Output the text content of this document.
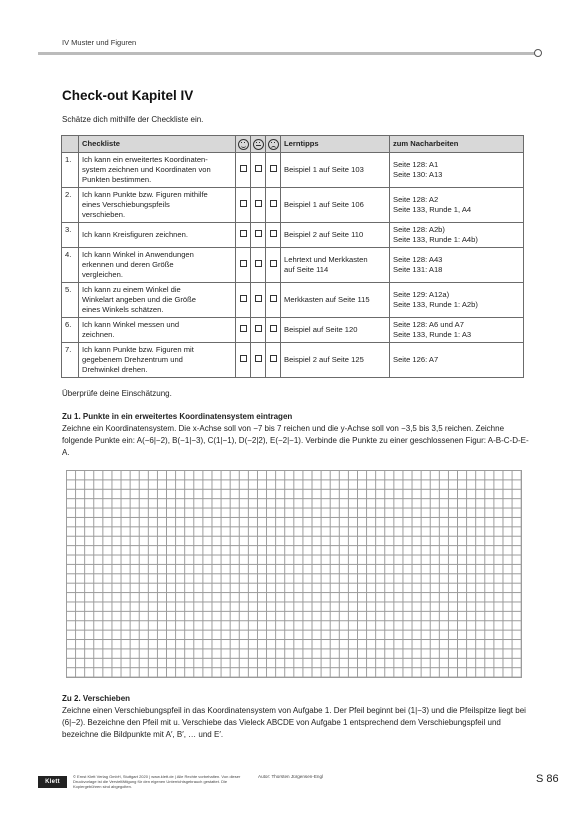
IV Muster und Figuren
Check-out Kapitel IV
Schätze dich mithilfe der Checkliste ein.
	Checkliste				Lerntipps	zum Nacharbeiten
1.	Ich kann ein erweitertes Koordinaten-
system zeichnen und Koordinaten von
Punkten bestimmen.				Beispiel 1 auf Seite 103	Seite 128: A1
Seite 130: A13

2.	Ich kann Punkte bzw. Figuren mithilfe
eines Verschiebungspfeils
verschieben.				Beispiel 1 auf Seite 106	Seite 128: A2
Seite 133, Runde 1, A4

3.	Ich kann Kreisfiguren zeichnen.				Beispiel 2 auf Seite 110	Seite 128: A2b)
Seite 133, Runde 1: A4b)

4.	Ich kann Winkel in Anwendungen
erkennen und deren Größe
vergleichen.				Lehrtext und Merkkasten
auf Seite 114	Seite 128: A43
Seite 131: A18

5.	Ich kann zu einem Winkel die
Winkelart angeben und die Größe
eines Winkels schätzen.				Merkkasten auf Seite 115	Seite 129: A12a)
Seite 133, Runde 1: A2b)

6.	Ich kann Winkel messen und
zeichnen.				Beispiel auf Seite 120	Seite 128: A6 und A7
Seite 133, Runde 1: A3

7.	Ich kann Punkte bzw. Figuren mit
gegebenem Drehzentrum und
Drehwinkel drehen.				Beispiel 2 auf Seite 125	Seite 126: A7
Überprüfe deine Einschätzung.
Zu 1. Punkte in ein erweitertes Koordinatensystem eintragen
Zeichne ein Koordinatensystem. Die x-Achse soll von −7 bis 7 reichen und die y-Achse soll von −3,5 bis 3,5 reichen. Zeichne folgende Punkte ein: A(−6|−2), B(−1|−3), C(1|−1), D(−2|2), E(−2|−1). Verbinde die Punkte zu einer geschlossenen Figur: A-B-C-D-E-A.
Zu 2. Verschieben
Zeichne einen Verschiebungspfeil in das Koordinatensystem von Aufgabe 1. Der Pfeil beginnt bei (1|−3) und die Pfeilspitze liegt bei (6|−2). Bezeichne den Pfeil mit u. Verschiebe das Vieleck ABCDE von Aufgabe 1 entsprechend dem Verschiebungspfeil und bezeichne die Bildpunkte mit A′, B′, … und E′.
Klett
© Ernst Klett Verlag GmbH, Stuttgart 2020 | www.klett.de | Alle Rechte vorbehalten. Von dieser Druckvorlage ist die Vervielfältigung für den eigenen Unterrichtsgebrauch gestattet. Die Kopiergebühren sind abgegolten.
Autor: Thorsten Jürgensen-Engl	S 86
